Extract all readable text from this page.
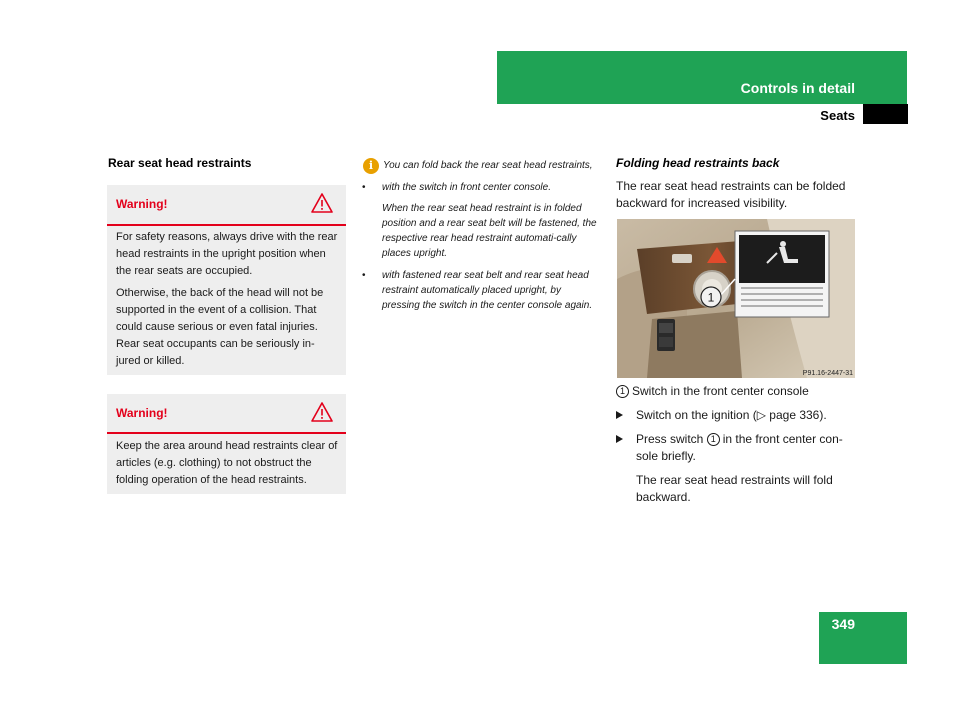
Controls in detail
Seats
Rear seat head restraints
Warning!

For safety reasons, always drive with the rear head restraints in the upright position when the rear seats are occupied.

Otherwise, the back of the head will not be supported in the event of a collision. That could cause serious or even fatal injuries. Rear seat occupants can be seriously in-jured or killed.

Warning!

Keep the area around head restraints clear of articles (e.g. clothing) to not obstruct the folding operation of the head restraints.

i You can fold back the rear seat head restraints,
• with the switch in front center console.
When the rear seat head restraint is in folded position and a rear seat belt will be fastened, the respective rear head restraint automati-cally places upright.
• with fastened rear seat belt and rear seat head restraint automatically placed upright, by pressing the switch in the center console again.
Folding head restraints back
The rear seat head restraints can be folded backward for increased visibility.
1
P91.16-2447-31
1 Switch in the front center console
Switch on the ignition (▷ page 336).
Press switch 1 in the front center con-sole briefly.
The rear seat head restraints will fold backward.
349
